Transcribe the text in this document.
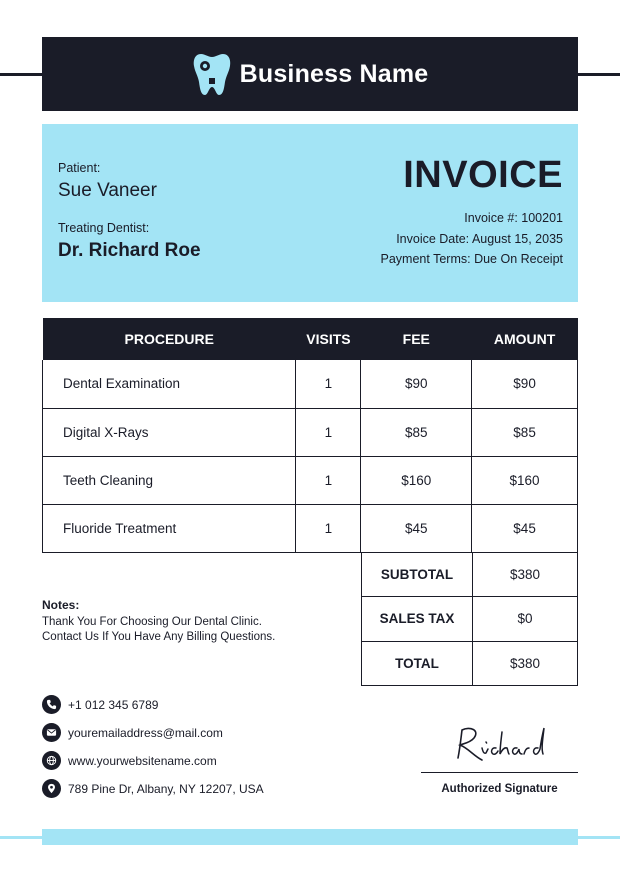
Business Name
Patient:
Sue Vaneer
Treating Dentist:
Dr. Richard Roe
INVOICE
Invoice #: 100201
Invoice Date: August 15, 2035
Payment Terms: Due On Receipt
PROCEDURE	VISITS	FEE	AMOUNT
Dental Examination	1	$90	$90
Digital X-Rays	1	$85	$85
Teeth Cleaning	1	$160	$160
Fluoride Treatment	1	$45	$45
SUBTOTAL	$380
SALES TAX	$0
TOTAL	$380
Notes:
Thank You For Choosing Our Dental Clinic.
Contact Us If You Have Any Billing Questions.
+1 012 345 6789
youremailaddress@mail.com
www.yourwebsitename.com
789 Pine Dr, Albany, NY 12207, USA	Authorized Signature
